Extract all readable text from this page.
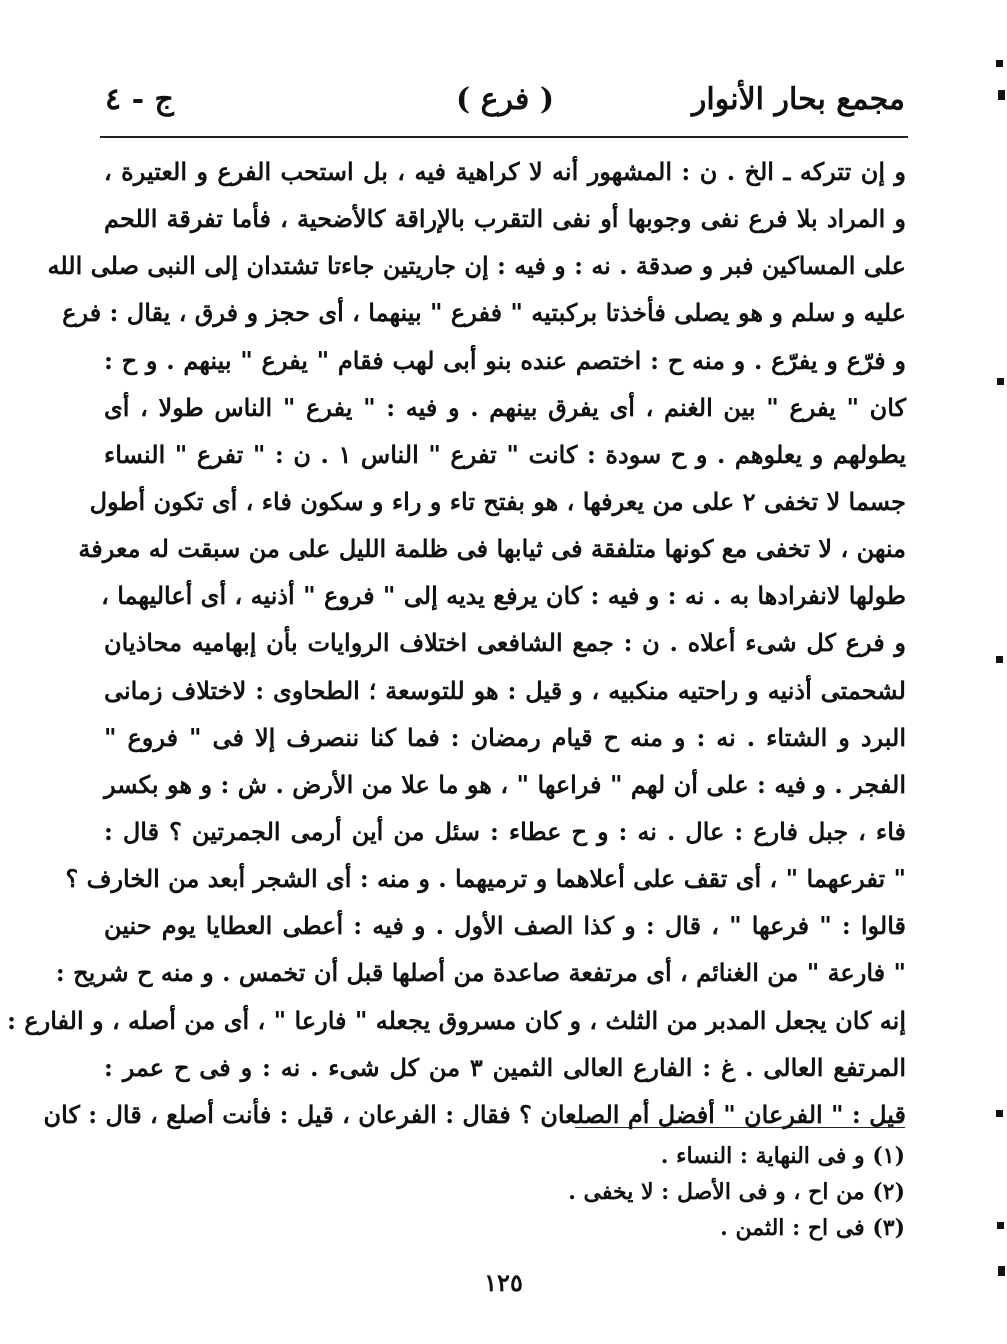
مجمع بحار الأنوار
( فرع )
ج - ٤
و إن تتركه ـ الخ . ن : المشهور أنه لا كراهية فيه ، بل استحب الفرع و العتيرة ،
و المراد بلا فرع نفى وجوبها أو نفى التقرب بالإراقة كالأضحية ، فأما تفرقة اللحم
على المساكين فبر و صدقة . نه : و فيه : إن جاريتين جاءتا تشتدان إلى النبى صلى الله
عليه و سلم و هو يصلى فأخذتا بركبتيه " ففرع " بينهما ، أى حجز و فرق ، يقال : فرع
و فرّع و يفرّع . و منه ح : اختصم عنده بنو أبى لهب فقام " يفرع " بينهم . و ح :
كان " يفرع " بين الغنم ، أى يفرق بينهم . و فيه : " يفرع " الناس طولا ، أى
يطولهم و يعلوهم . و ح سودة : كانت " تفرع " الناس ١ . ن : " تفرع " النساء
جسما لا تخفى ٢ على من يعرفها ، هو بفتح تاء و راء و سكون فاء ، أى تكون أطول
منهن ، لا تخفى مع كونها متلفقة فى ثيابها فى ظلمة الليل على من سبقت له معرفة
طولها لانفرادها به . نه : و فيه : كان يرفع يديه إلى " فروع " أذنيه ، أى أعاليهما ،
و فرع كل شىء أعلاه . ن : جمع الشافعى اختلاف الروايات بأن إبهاميه محاذيان
لشحمتى أذنيه و راحتيه منكبيه ، و قيل : هو للتوسعة ؛ الطحاوى : لاختلاف زمانى
البرد و الشتاء . نه : و منه ح قيام رمضان : فما كنا ننصرف إلا فى " فروع "
الفجر . و فيه : على أن لهم " فراعها " ، هو ما علا من الأرض . ش : و هو بكسر
فاء ، جبل فارع : عال . نه : و ح عطاء : سئل من أين أرمى الجمرتين ؟ قال :
" تفرعهما " ، أى تقف على أعلاهما و ترميهما . و منه : أى الشجر أبعد من الخارف ؟
قالوا : " فرعها " ، قال : و كذا الصف الأول . و فيه : أعطى العطايا يوم حنين
" فارعة " من الغنائم ، أى مرتفعة صاعدة من أصلها قبل أن تخمس . و منه ح شريح :
إنه كان يجعل المدبر من الثلث ، و كان مسروق يجعله " فارعا " ، أى من أصله ، و الفارع :
المرتفع العالى . غ : الفارع العالى الثمين ٣ من كل شىء . نه : و فى ح عمر :
قيل : " الفرعان " أفضل أم الصلعان ؟ فقال : الفرعان ، قيل : فأنت أصلع ، قال : كان
(١) و فى النهاية : النساء .
(٢) من اح ، و فى الأصل : لا يخفى .
(٣) فى اح : الثمن .
١٢٥
